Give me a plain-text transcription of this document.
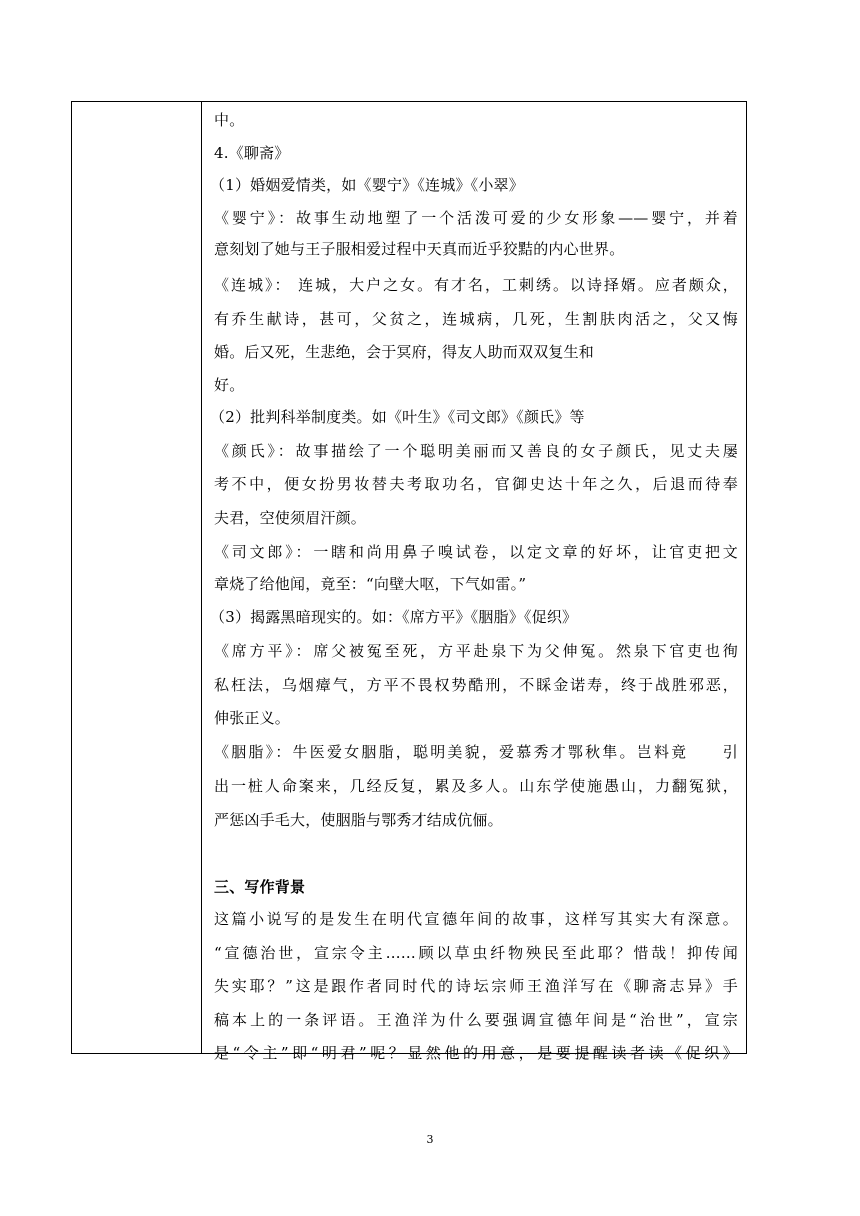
中。
4.《聊斋》
（1）婚姻爱情类，如《婴宁》《连城》《小翠》
《婴宁》：故事生动地塑了一个活泼可爱的少女形象——婴宁，并着
意刻划了她与王子服相爱过程中天真而近乎狡黠的内心世界。
《连城》： 连城，大户之女。有才名，工刺绣。以诗择婿。应者颇众，
有乔生献诗，甚可，父贫之，连城病，几死，生割肤肉活之，父又悔
婚。后又死，生悲绝，会于冥府，得友人助而双双复生和
好。
（2）批判科举制度类。如《叶生》《司文郎》《颜氏》等
《颜氏》：故事描绘了一个聪明美丽而又善良的女子颜氏，见丈夫屡
考不中，便女扮男妆替夫考取功名，官御史达十年之久，后退而待奉
夫君，空使须眉汗颜。
《司文郎》：一瞎和尚用鼻子嗅试卷，以定文章的好坏，让官吏把文
章烧了给他闻，竟至：“向壁大呕，下气如雷。”
（3）揭露黑暗现实的。如：《席方平》《胭脂》《促织》
《席方平》：席父被冤至死，方平赴泉下为父伸冤。然泉下官吏也徇
私枉法，乌烟瘴气，方平不畏权势酷刑，不睬金诺寿，终于战胜邪恶，
伸张正义。
《胭脂》：牛医爱女胭脂，聪明美貌，爱慕秀才鄂秋隼。岂料竟　　引
出一桩人命案来，几经反复，累及多人。山东学使施愚山，力翻冤狱，
严惩凶手毛大，使胭脂与鄂秀才结成伉俪。
三、写作背景
这篇小说写的是发生在明代宣德年间的故事，这样写其实大有深意。
“宣德治世，宣宗令主……顾以草虫纤物殃民至此耶？惜哉！抑传闻
失实耶？”这是跟作者同时代的诗坛宗师王渔洋写在《聊斋志异》手
稿本上的一条评语。王渔洋为什么要强调宣德年间是“治世”，宣宗
是“令主”即“明君”呢？显然他的用意，是要提醒读者读《促织》
3
